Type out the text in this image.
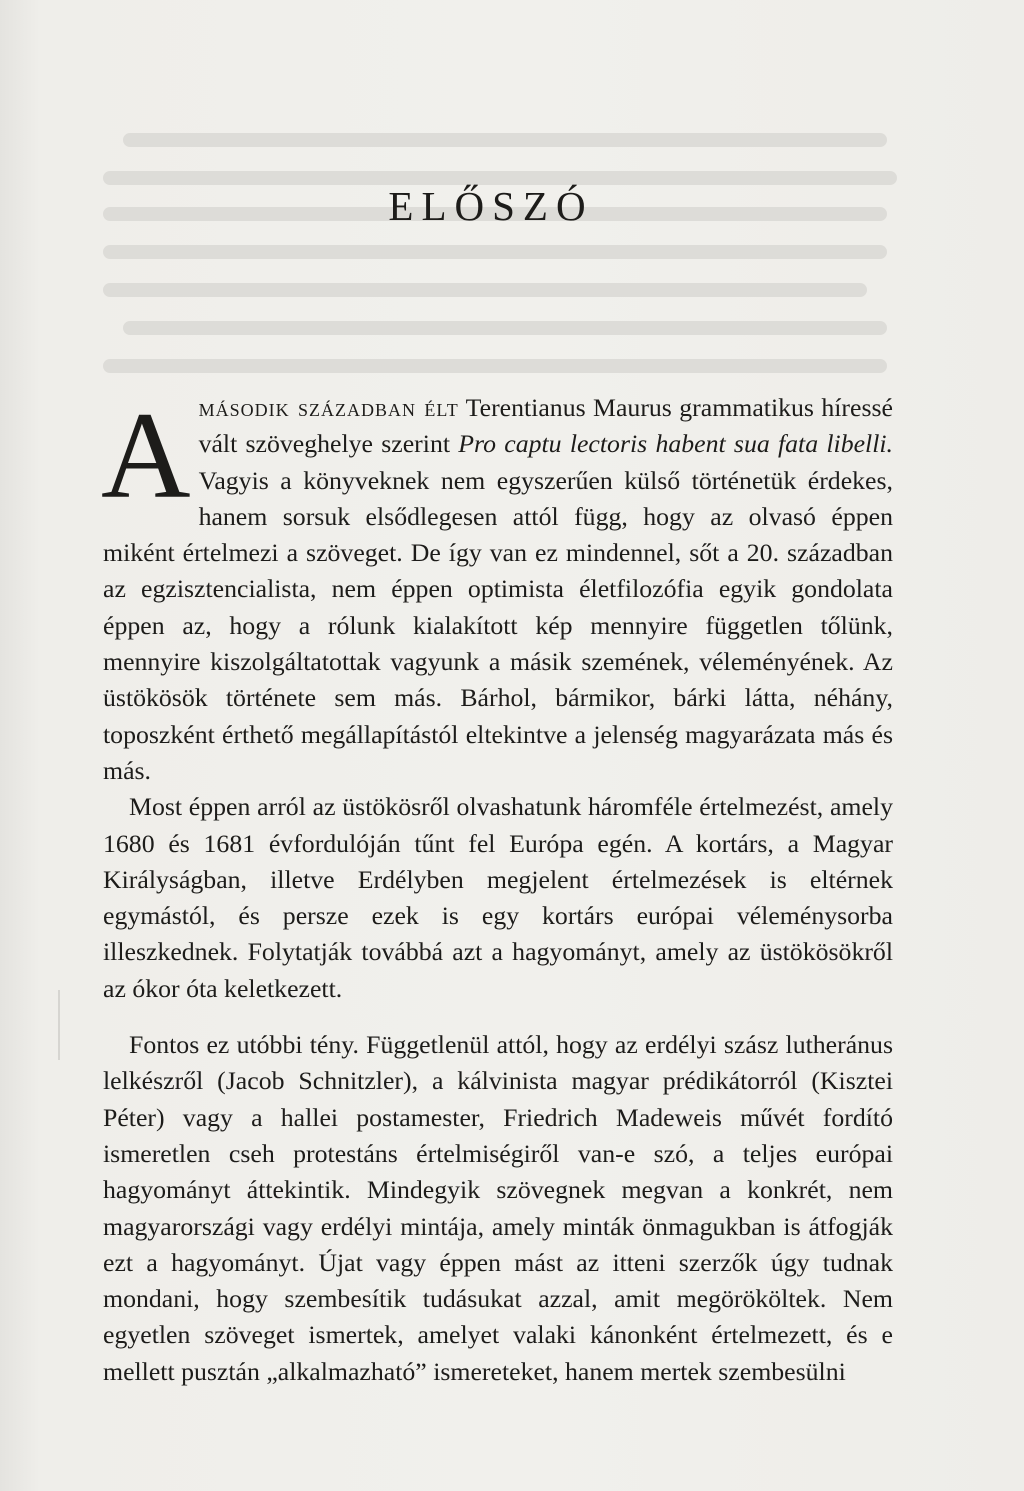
ELŐSZÓ

Amásodik században élt Terentianus Maurus grammatikus híressé vált szöveghelye szerint Pro captu lectoris habent sua fata libelli. Vagyis a könyveknek nem egyszerűen külső történetük érdekes, hanem sorsuk elsődlegesen attól függ, hogy az olvasó éppen miként értelmezi a szöveget. De így van ez mindennel, sőt a 20. században az egzisztencialista, nem éppen optimista életfilozófia egyik gondolata éppen az, hogy a rólunk kialakított kép mennyire független tőlünk, mennyire kiszolgáltatottak vagyunk a másik szemének, véleményének. Az üstökösök története sem más. Bárhol, bármikor, bárki látta, néhány, toposzként érthető megállapítástól eltekintve a jelenség magyarázata más és más.

Most éppen arról az üstökösről olvashatunk háromféle értelmezést, amely 1680 és 1681 évfordulóján tűnt fel Európa egén. A kortárs, a Magyar Királyságban, illetve Erdélyben megjelent értelmezések is eltérnek egymástól, és persze ezek is egy kortárs európai véleménysorba illeszkednek. Folytatják továbbá azt a hagyományt, amely az üstökösökről az ókor óta keletkezett.

Fontos ez utóbbi tény. Függetlenül attól, hogy az erdélyi szász lutheránus lelkészről (Jacob Schnitzler), a kálvinista magyar prédikátorról (Kisztei Péter) vagy a hallei postamester, Friedrich Madeweis művét fordító ismeretlen cseh protestáns értelmiségiről van-e szó, a teljes európai hagyományt áttekintik. Mindegyik szövegnek megvan a konkrét, nem magyarországi vagy erdélyi mintája, amely minták önmagukban is átfogják ezt a hagyományt. Újat vagy éppen mást az itteni szerzők úgy tudnak mondani, hogy szembesítik tudásukat azzal, amit megörököltek. Nem egyetlen szöveget ismertek, amelyet valaki kánonként értelmezett, és e mellett pusztán „alkalmazható” ismereteket, hanem mertek szembesülni
